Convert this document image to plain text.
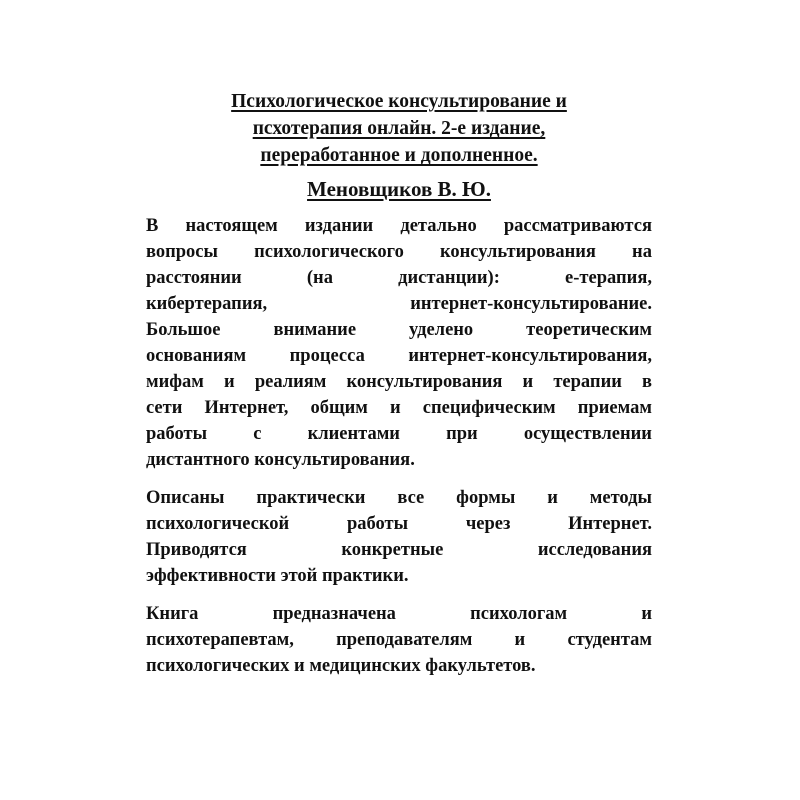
Психологическое консультирование и
псхотерапия онлайн. 2-е издание,
переработанное и дополненное.
Меновщиков В. Ю.
В настоящем издании детально рассматриваются
вопросы психологического консультирования на
расстоянии	(на	дистанции):	е-терапия,
кибертерапия,	интернет-консультирование.
Большое	внимание	уделено	теоретическим
основаниям процесса интернет-консультирования,
мифам и реалиям консультирования и терапии в
сети Интернет, общим и специфическим приемам
работы с клиентами при осуществлении
дистантного консультирования.
Описаны практически все формы и методы
психологической	работы	через	Интернет.
Приводятся	конкретные	исследования
эффективности этой практики.
Книга	предназначена	психологам	и
психотерапевтам, преподавателям и студентам
психологических и медицинских факультетов.
